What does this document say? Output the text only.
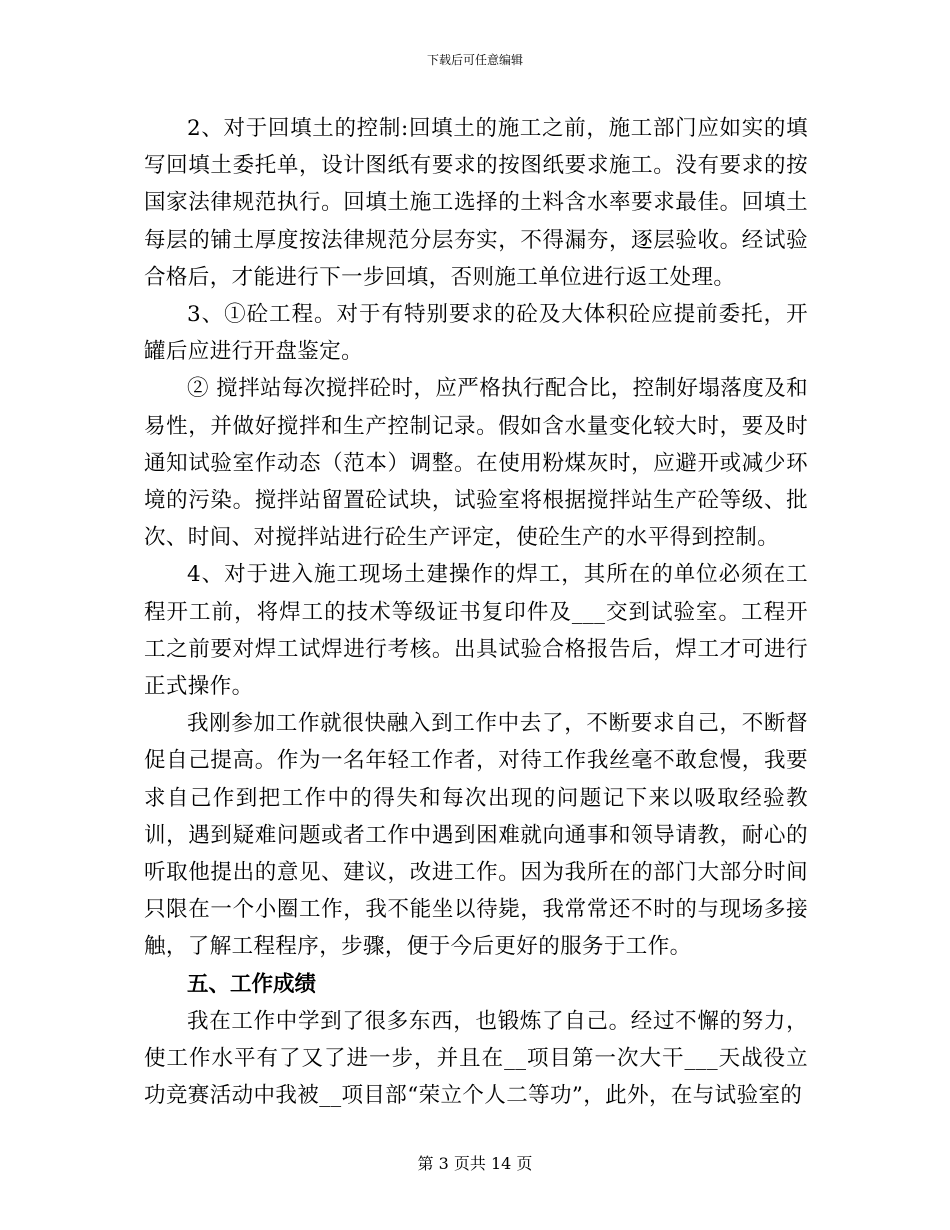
下载后可任意编辑

2、对于回填土的控制:回填土的施工之前，施工部门应如实的填写回填土委托单，设计图纸有要求的按图纸要求施工。没有要求的按国家法律规范执行。回填土施工选择的土料含水率要求最佳。回填土每层的铺土厚度按法律规范分层夯实，不得漏夯，逐层验收。经试验合格后，才能进行下一步回填，否则施工单位进行返工处理。

3、①砼工程。对于有特别要求的砼及大体积砼应提前委托，开罐后应进行开盘鉴定。

② 搅拌站每次搅拌砼时，应严格执行配合比，控制好塌落度及和易性，并做好搅拌和生产控制记录。假如含水量变化较大时，要及时通知试验室作动态（范本）调整。在使用粉煤灰时，应避开或减少环境的污染。搅拌站留置砼试块，试验室将根据搅拌站生产砼等级、批次、时间、对搅拌站进行砼生产评定，使砼生产的水平得到控制。

4、对于进入施工现场土建操作的焊工，其所在的单位必须在工程开工前，将焊工的技术等级证书复印件及___交到试验室。工程开工之前要对焊工试焊进行考核。出具试验合格报告后，焊工才可进行正式操作。

我刚参加工作就很快融入到工作中去了，不断要求自己，不断督促自己提高。作为一名年轻工作者，对待工作我丝毫不敢怠慢，我要求自己作到把工作中的得失和每次出现的问题记下来以吸取经验教训，遇到疑难问题或者工作中遇到困难就向通事和领导请教，耐心的听取他提出的意见、建议，改进工作。因为我所在的部门大部分时间只限在一个小圈工作，我不能坐以待毙，我常常还不时的与现场多接触，了解工程程序，步骤，便于今后更好的服务于工作。

五、工作成绩

我在工作中学到了很多东西，也锻炼了自己。经过不懈的努力，使工作水平有了又了进一步，并且在__项目第一次大干___天战役立功竞赛活动中我被__项目部“荣立个人二等功”，此外，在与试验室的

第 3 页共 14 页
